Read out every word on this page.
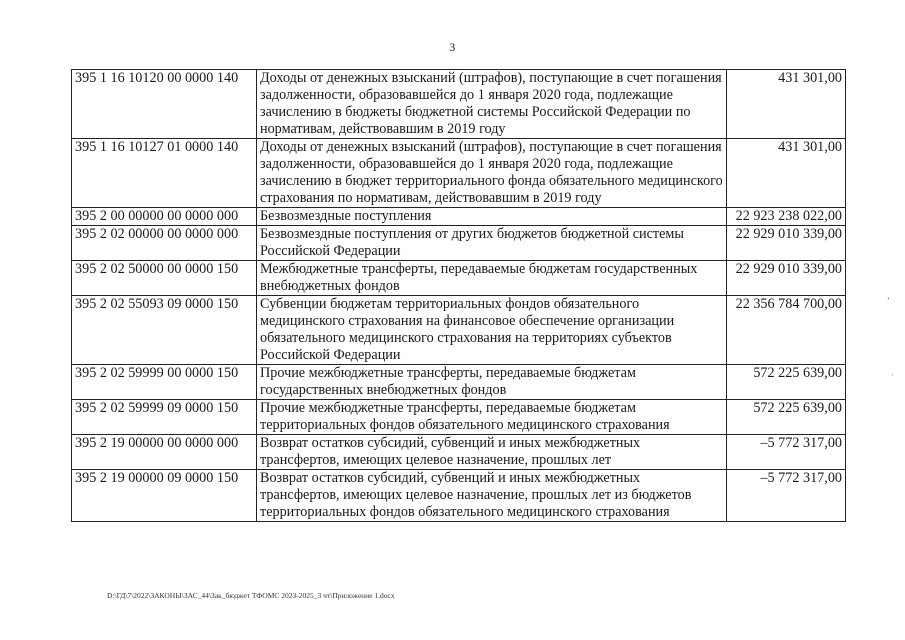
3
395 1 16 10120 00 0000 140	Доходы от денежных взысканий (штрафов), поступающие в счет погашения задолженности, образовавшейся до 1 января 2020 года, подлежащие зачислению в бюджеты бюджетной системы Российской Федерации по нормативам, действовавшим в 2019 году	431 301,00
395 1 16 10127 01 0000 140	Доходы от денежных взысканий (штрафов), поступающие в счет погашения задолженности, образовавшейся до 1 января 2020 года, подлежащие зачислению в бюджет территориального фонда обязательного медицинского страхования по нормативам, действовавшим в 2019 году	431 301,00
395 2 00 00000 00 0000 000	Безвозмездные поступления	22 923 238 022,00
395 2 02 00000 00 0000 000	Безвозмездные поступления от других бюджетов бюджетной системы Российской Федерации	22 929 010 339,00
395 2 02 50000 00 0000 150	Межбюджетные трансферты, передаваемые бюджетам государственных внебюджетных фондов	22 929 010 339,00
395 2 02 55093 09 0000 150	Субвенции бюджетам территориальных фондов обязательного медицинского страхования на финансовое обеспечение организации обязательного медицинского страхования на территориях субъектов Российской Федерации	22 356 784 700,00
395 2 02 59999 00 0000 150	Прочие межбюджетные трансферты, передаваемые бюджетам государственных внебюджетных фондов	572 225 639,00
395 2 02 59999 09 0000 150	Прочие межбюджетные трансферты, передаваемые бюджетам территориальных фондов обязательного медицинского страхования	572 225 639,00
395 2 19 00000 00 0000 000	Возврат остатков субсидий, субвенций и иных межбюджетных трансфертов, имеющих целевое назначение, прошлых лет	–5 772 317,00
395 2 19 00000 09 0000 150	Возврат остатков субсидий, субвенций и иных межбюджетных трансфертов, имеющих целевое назначение, прошлых лет из бюджетов территориальных фондов обязательного медицинского страхования	–5 772 317,00
’
·
D:\ГД\7\2022\ЗАКОНЫ\ЗАС_44\Зак_бюджет ТФОМС 2023-2025_3 чт\Приложение 1.docx
